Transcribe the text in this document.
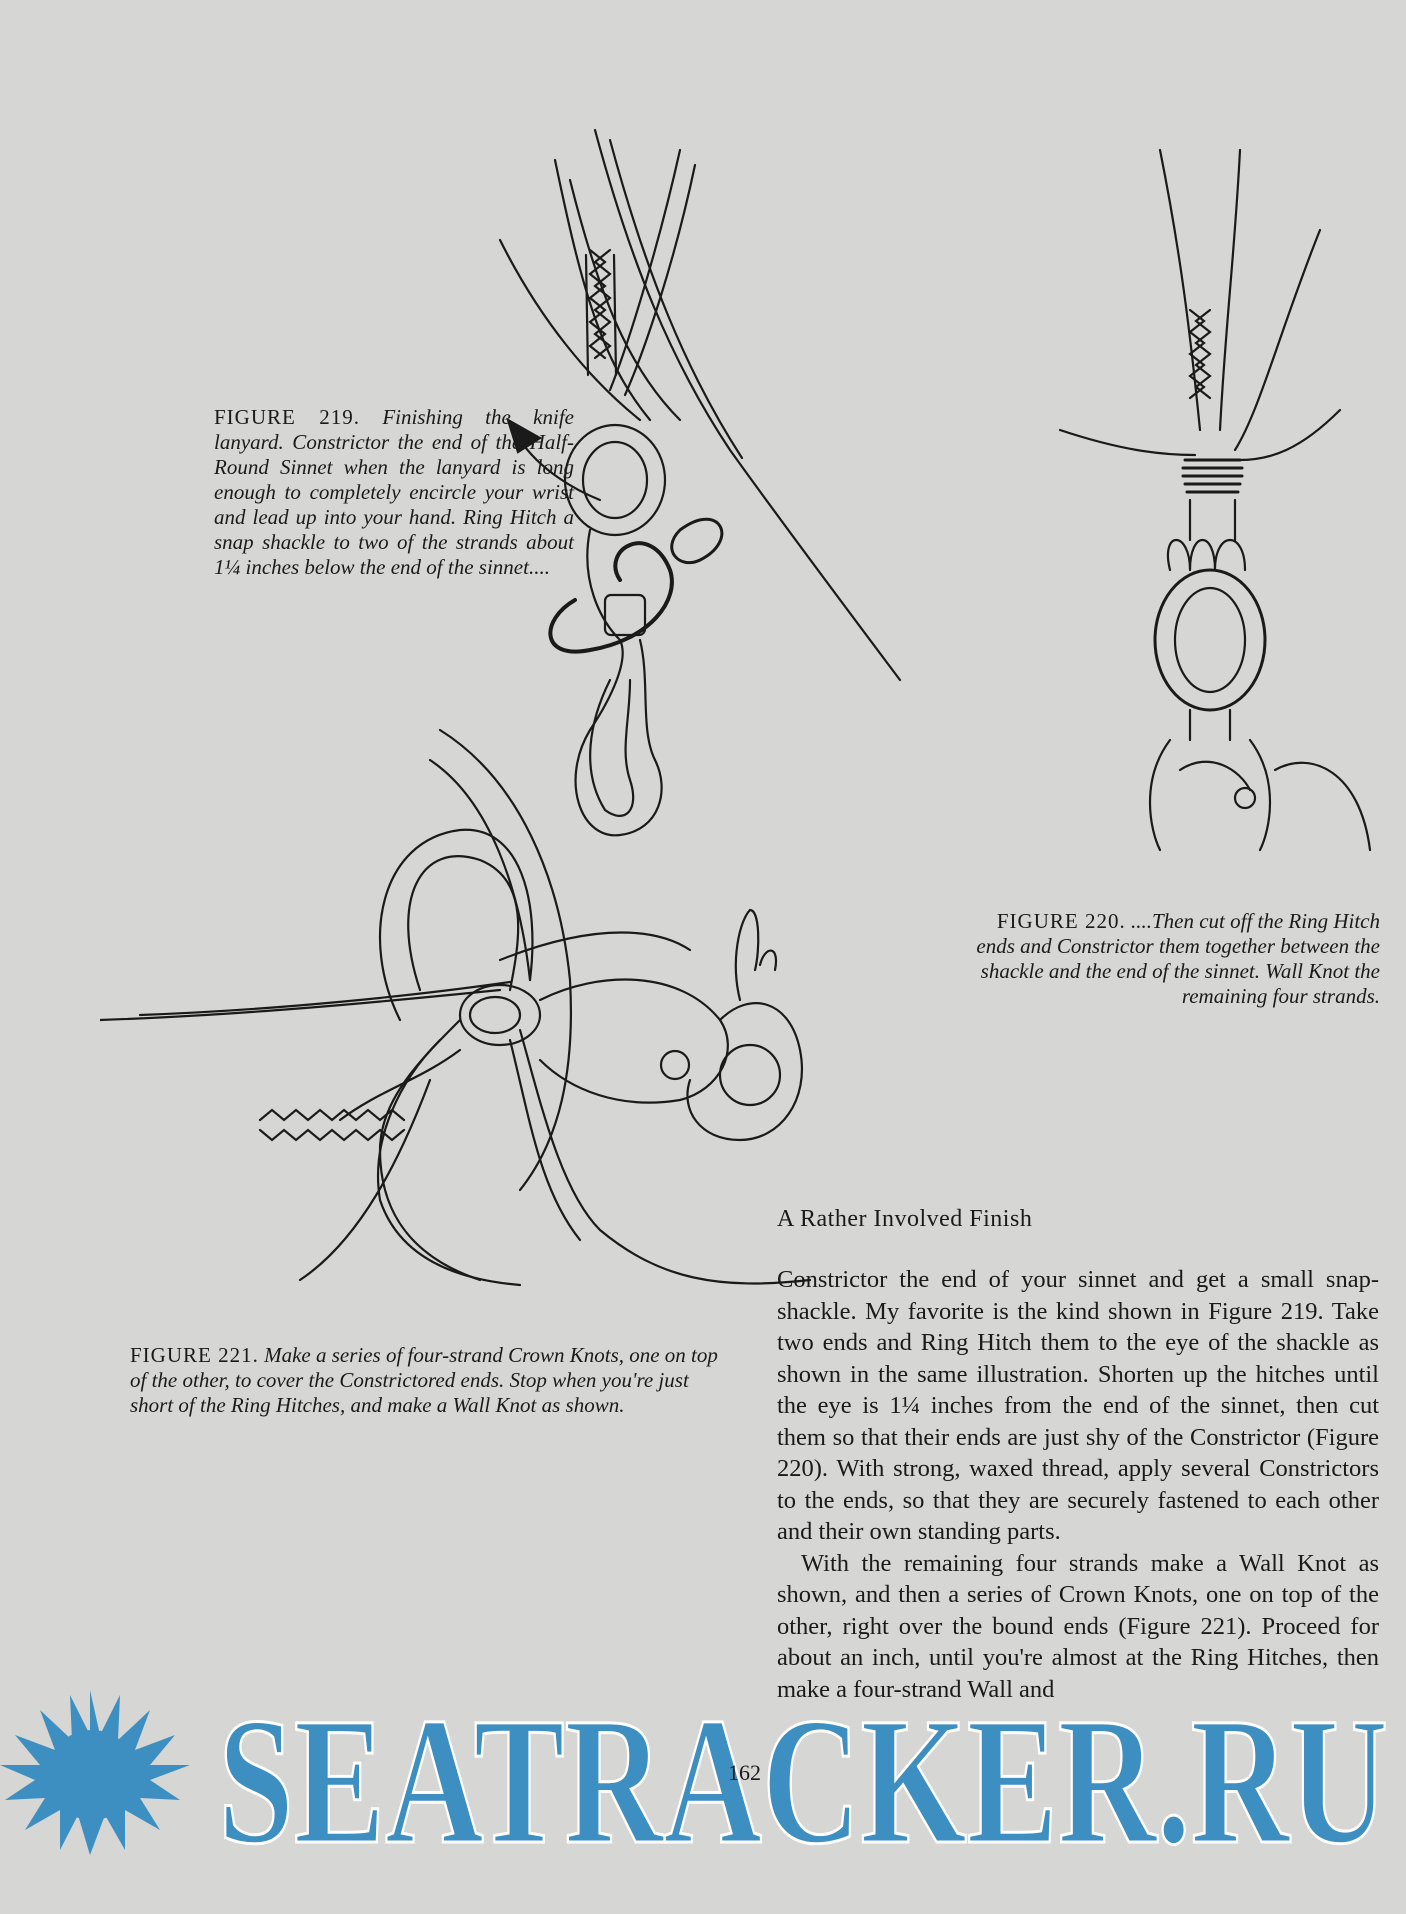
FIGURE 219. Finishing the knife lanyard. Constrictor the end of the Half-Round Sinnet when the lanyard is long enough to completely encircle your wrist and lead up into your hand. Ring Hitch a snap shackle to two of the strands about 1¼ inches below the end of the sinnet....
FIGURE 220. ....Then cut off the Ring Hitch ends and Constrictor them together between the shackle and the end of the sinnet. Wall Knot the remaining four strands.
FIGURE 221. Make a series of four-strand Crown Knots, one on top of the other, to cover the Constrictored ends. Stop when you're just short of the Ring Hitches, and make a Wall Knot as shown.
A Rather Involved Finish

Constrictor the end of your sinnet and get a small snap-shackle. My favorite is the kind shown in Figure 219. Take two ends and Ring Hitch them to the eye of the shackle as shown in the same illustration. Shorten up the hitches until the eye is 1¼ inches from the end of the sinnet, then cut them so that their ends are just shy of the Constrictor (Figure 220). With strong, waxed thread, apply several Constrictors to the ends, so that they are securely fastened to each other and their own standing parts.

With the remaining four strands make a Wall Knot as shown, and then a series of Crown Knots, one on top of the other, right over the bound ends (Figure 221). Proceed for about an inch, until you're almost at the Ring Hitches, then make a four-strand Wall and

SEATRACKER.RU
162
